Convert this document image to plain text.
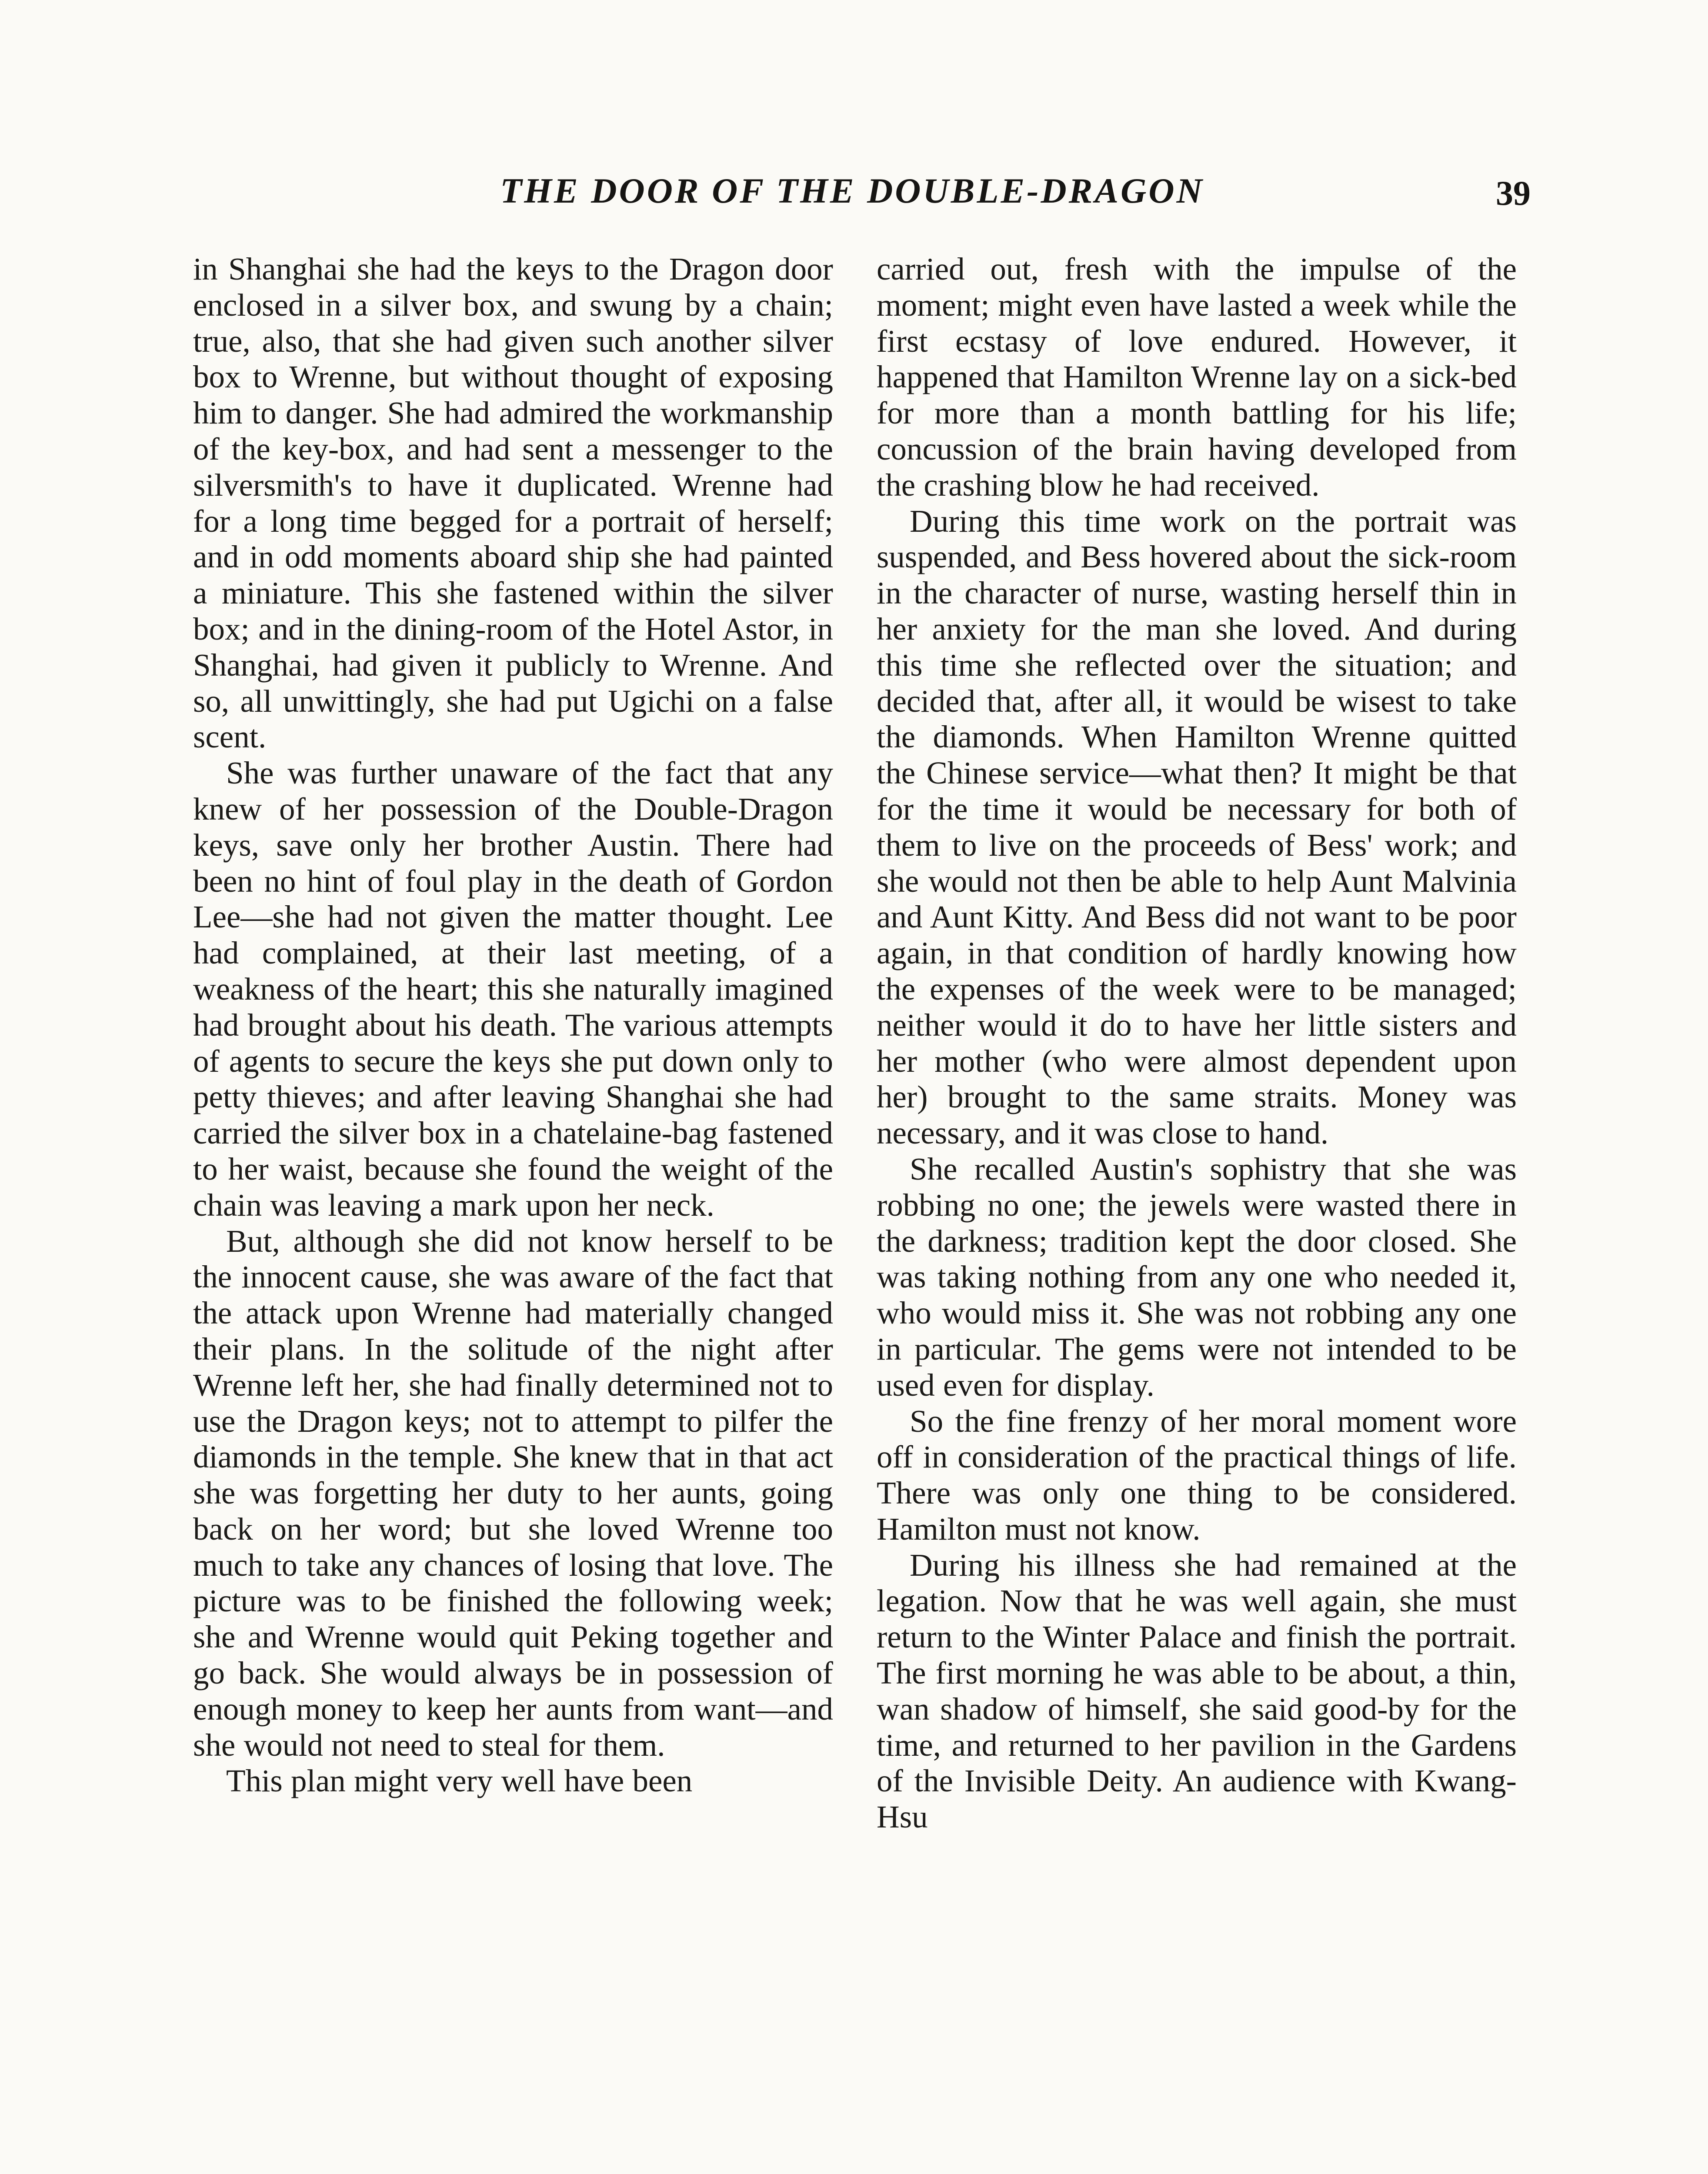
THE DOOR OF THE DOUBLE-DRAGON	39

in Shanghai she had the keys to the Dragon door enclosed in a silver box, and swung by a chain; true, also, that she had given such another silver box to Wrenne, but without thought of exposing him to danger. She had admired the workmanship of the key-box, and had sent a messenger to the silversmith's to have it duplicated. Wrenne had for a long time begged for a portrait of herself; and in odd moments aboard ship she had painted a miniature. This she fastened within the silver box; and in the dining-room of the Hotel Astor, in Shanghai, had given it publicly to Wrenne. And so, all unwittingly, she had put Ugichi on a false scent.

She was further unaware of the fact that any knew of her possession of the Double-Dragon keys, save only her brother Austin. There had been no hint of foul play in the death of Gordon Lee—she had not given the matter thought. Lee had complained, at their last meeting, of a weakness of the heart; this she naturally imagined had brought about his death. The various attempts of agents to secure the keys she put down only to petty thieves; and after leaving Shanghai she had carried the silver box in a chatelaine-bag fastened to her waist, because she found the weight of the chain was leaving a mark upon her neck.

But, although she did not know herself to be the innocent cause, she was aware of the fact that the attack upon Wrenne had materially changed their plans. In the solitude of the night after Wrenne left her, she had finally determined not to use the Dragon keys; not to attempt to pilfer the diamonds in the temple. She knew that in that act she was forgetting her duty to her aunts, going back on her word; but she loved Wrenne too much to take any chances of losing that love. The picture was to be finished the following week; she and Wrenne would quit Peking together and go back. She would always be in possession of enough money to keep her aunts from want—and she would not need to steal for them.

This plan might very well have been

carried out, fresh with the impulse of the moment; might even have lasted a week while the first ecstasy of love endured. However, it happened that Hamilton Wrenne lay on a sick-bed for more than a month battling for his life; concussion of the brain having developed from the crashing blow he had received.

During this time work on the portrait was suspended, and Bess hovered about the sick-room in the character of nurse, wasting herself thin in her anxiety for the man she loved. And during this time she reflected over the situation; and decided that, after all, it would be wisest to take the diamonds. When Hamilton Wrenne quitted the Chinese service—what then? It might be that for the time it would be necessary for both of them to live on the proceeds of Bess' work; and she would not then be able to help Aunt Malvinia and Aunt Kitty. And Bess did not want to be poor again, in that condition of hardly knowing how the expenses of the week were to be managed; neither would it do to have her little sisters and her mother (who were almost dependent upon her) brought to the same straits. Money was necessary, and it was close to hand.

She recalled Austin's sophistry that she was robbing no one; the jewels were wasted there in the darkness; tradition kept the door closed. She was taking nothing from any one who needed it, who would miss it. She was not robbing any one in particular. The gems were not intended to be used even for display.

So the fine frenzy of her moral moment wore off in consideration of the practical things of life. There was only one thing to be considered. Hamilton must not know.

During his illness she had remained at the legation. Now that he was well again, she must return to the Winter Palace and finish the portrait. The first morning he was able to be about, a thin, wan shadow of himself, she said good-by for the time, and returned to her pavilion in the Gardens of the Invisible Deity. An audience with Kwang-Hsu
